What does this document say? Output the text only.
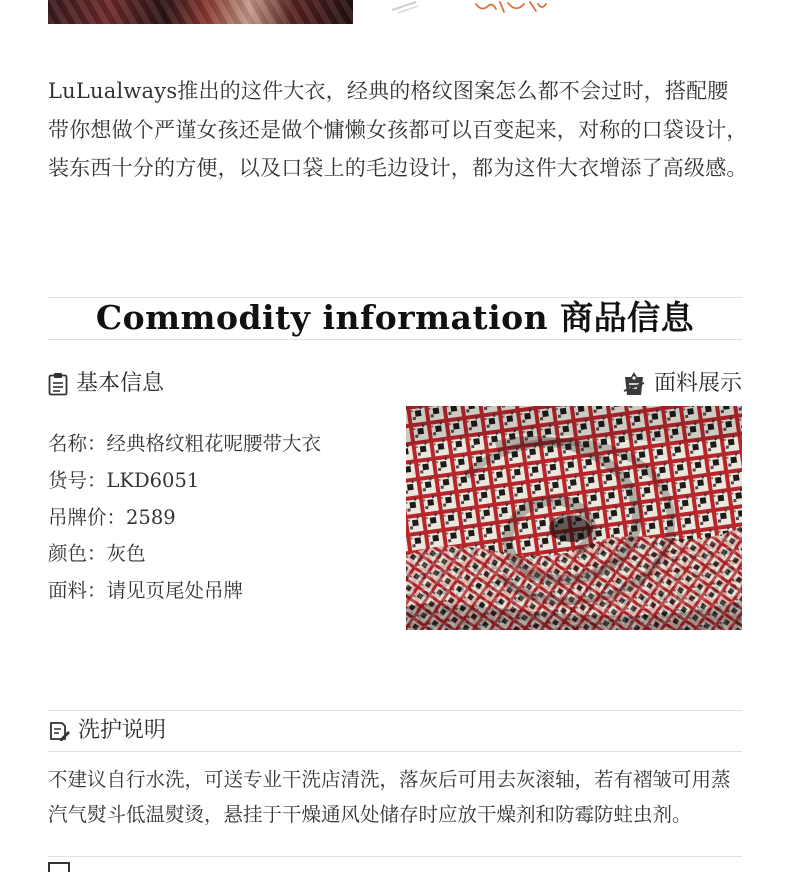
LuLualways推出的这件大衣，经典的格纹图案怎么都不会过时，搭配腰带你想做个严谨女孩还是做个慵懒女孩都可以百变起来，对称的口袋设计，装东西十分的方便，以及口袋上的毛边设计，都为这件大衣增添了高级感。

Commodity information 商品信息
基本信息	面料展示
名称：经典格纹粗花呢腰带大衣
货号：LKD6051
吊牌价：2589
颜色：灰色
面料：请见页尾处吊牌
洗护说明

不建议自行水洗，可送专业干洗店清洗，落灰后可用去灰滚轴，若有褶皱可用蒸汽气熨斗低温熨烫，悬挂于干燥通风处储存时应放干燥剂和防霉防蛀虫剂。
